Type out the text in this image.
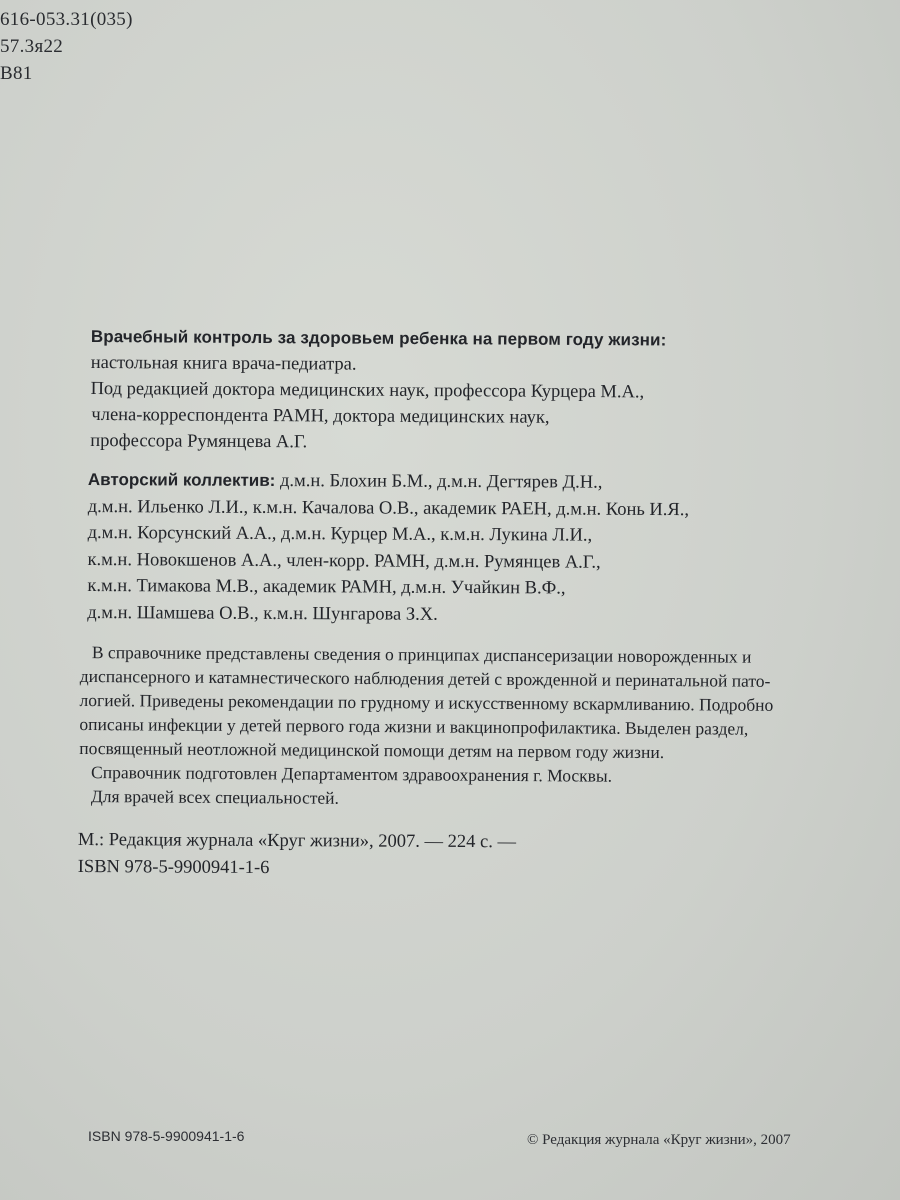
616-053.31(035)
57.3я22
В81
Врачебный контроль за здоровьем ребенка на первом году жизни:
настольная книга врача-педиатра.
Под редакцией доктора медицинских наук, профессора Курцера М.А.,
члена-корреспондента РАМН, доктора медицинских наук,
профессора Румянцева А.Г.
Авторский коллектив: д.м.н. Блохин Б.М., д.м.н. Дегтярев Д.Н.,
д.м.н. Ильенко Л.И., к.м.н. Качалова О.В., академик РАЕН, д.м.н. Конь И.Я.,
д.м.н. Корсунский А.А., д.м.н. Курцер М.А., к.м.н. Лукина Л.И.,
к.м.н. Новокшенов А.А., член-корр. РАМН, д.м.н. Румянцев А.Г.,
к.м.н. Тимакова М.В., академик РАМН, д.м.н. Учайкин В.Ф.,
д.м.н. Шамшева О.В., к.м.н. Шунгарова З.Х.
В справочнике представлены сведения о принципах диспансеризации новорожденных и
диспансерного и катамнестического наблюдения детей с врожденной и перинатальной пато-
логией. Приведены рекомендации по грудному и искусственному вскармливанию. Подробно
описаны инфекции у детей первого года жизни и вакцинопрофилактика. Выделен раздел,
посвященный неотложной медицинской помощи детям на первом году жизни.
Справочник подготовлен Департаментом здравоохранения г. Москвы.
Для врачей всех специальностей.
М.: Редакция журнала «Круг жизни», 2007. — 224 с. —
ISBN 978-5-9900941-1-6
ISBN 978-5-9900941-1-6	© Редакция журнала «Круг жизни», 2007
